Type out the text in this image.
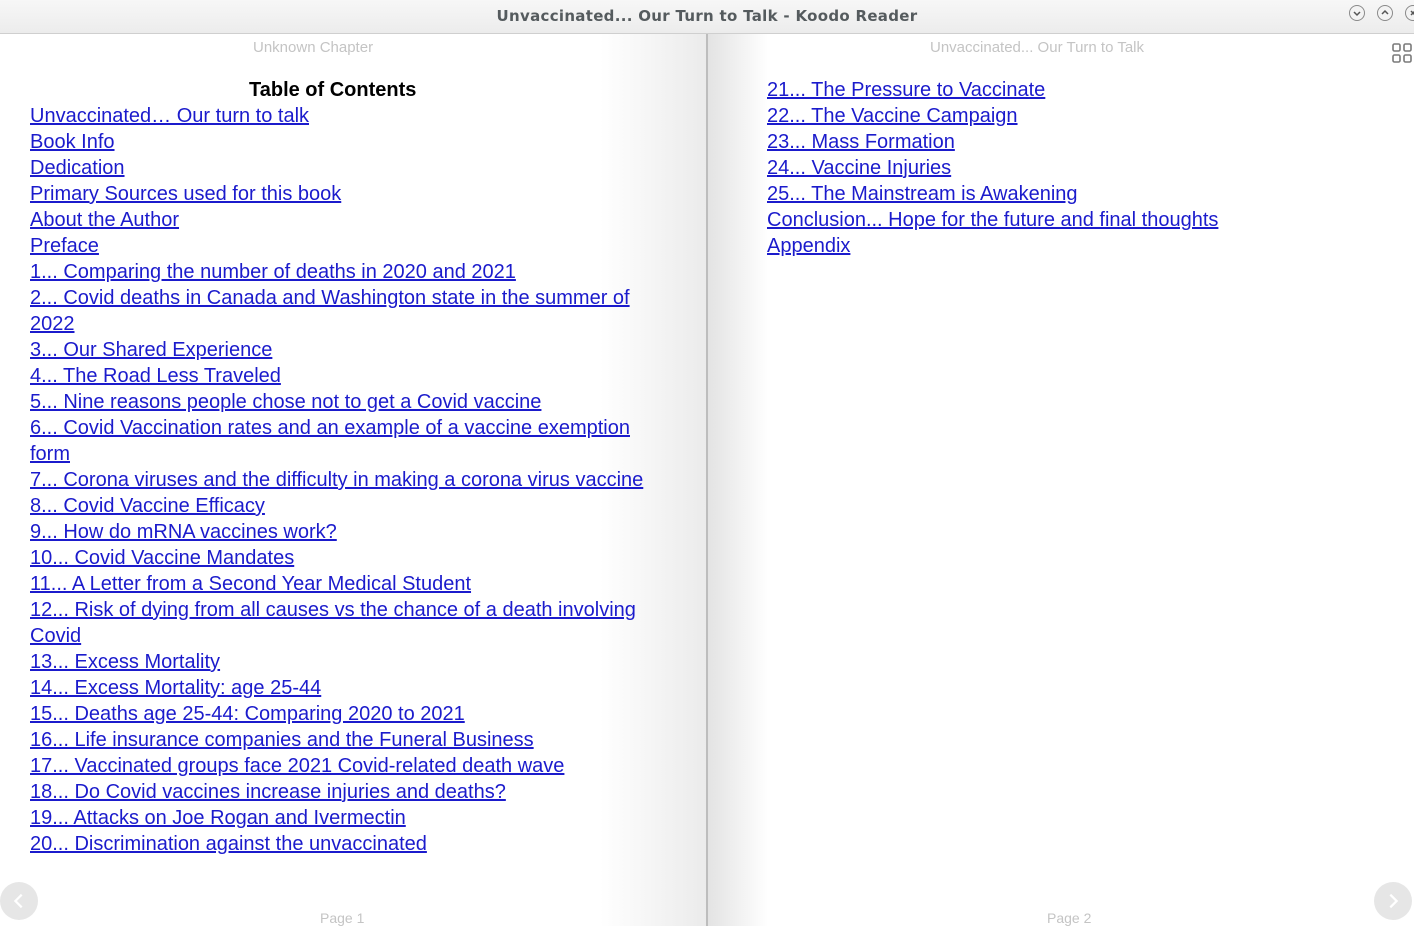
Unvaccinated... Our Turn to Talk - Koodo Reader
Unknown Chapter
Table of Contents
Unvaccinated… Our turn to talk
Book Info
Dedication
Primary Sources used for this book
About the Author
Preface
1... Comparing the number of deaths in 2020 and 2021
2... Covid deaths in Canada and Washington state in the summer of 2022
3... Our Shared Experience
4... The Road Less Traveled
5... Nine reasons people chose not to get a Covid vaccine
6... Covid Vaccination rates and an example of a vaccine exemption form
7... Corona viruses and the difficulty in making a corona virus vaccine
8... Covid Vaccine Efficacy
9... How do mRNA vaccines work?
10... Covid Vaccine Mandates
11... A Letter from a Second Year Medical Student
12... Risk of dying from all causes vs the chance of a death involving Covid
13... Excess Mortality
14... Excess Mortality: age 25-44
15... Deaths age 25-44: Comparing 2020 to 2021
16... Life insurance companies and the Funeral Business
17... Vaccinated groups face 2021 Covid-related death wave
18... Do Covid vaccines increase injuries and deaths?
19... Attacks on Joe Rogan and Ivermectin
20... Discrimination against the unvaccinated
Page 1
Unvaccinated... Our Turn to Talk
21... The Pressure to Vaccinate
22... The Vaccine Campaign
23... Mass Formation
24... Vaccine Injuries
25... The Mainstream is Awakening
Conclusion... Hope for the future and final thoughts
Appendix
Page 2
